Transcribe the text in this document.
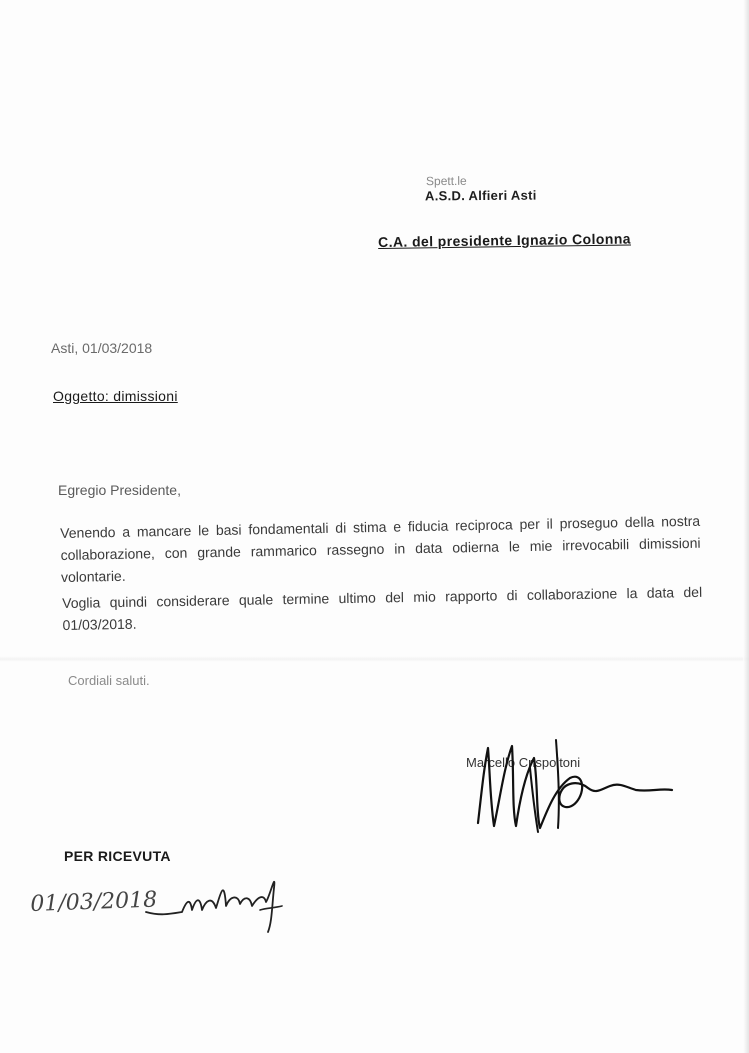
Spett.le
A.S.D. Alfieri Asti
C.A. del presidente Ignazio Colonna
Asti, 01/03/2018
Oggetto: dimissioni
Egregio Presidente,
Venendo a mancare le basi fondamentali di stima e fiducia reciproca per il proseguo della nostra collaborazione, con grande rammarico rassegno in data odierna le mie irrevocabili dimissioni volontarie.
Voglia quindi considerare quale termine ultimo del mio rapporto di collaborazione la data del 01/03/2018.
Cordiali saluti.
Marcello Crispoltoni
PER RICEVUTA
01/03/2018
